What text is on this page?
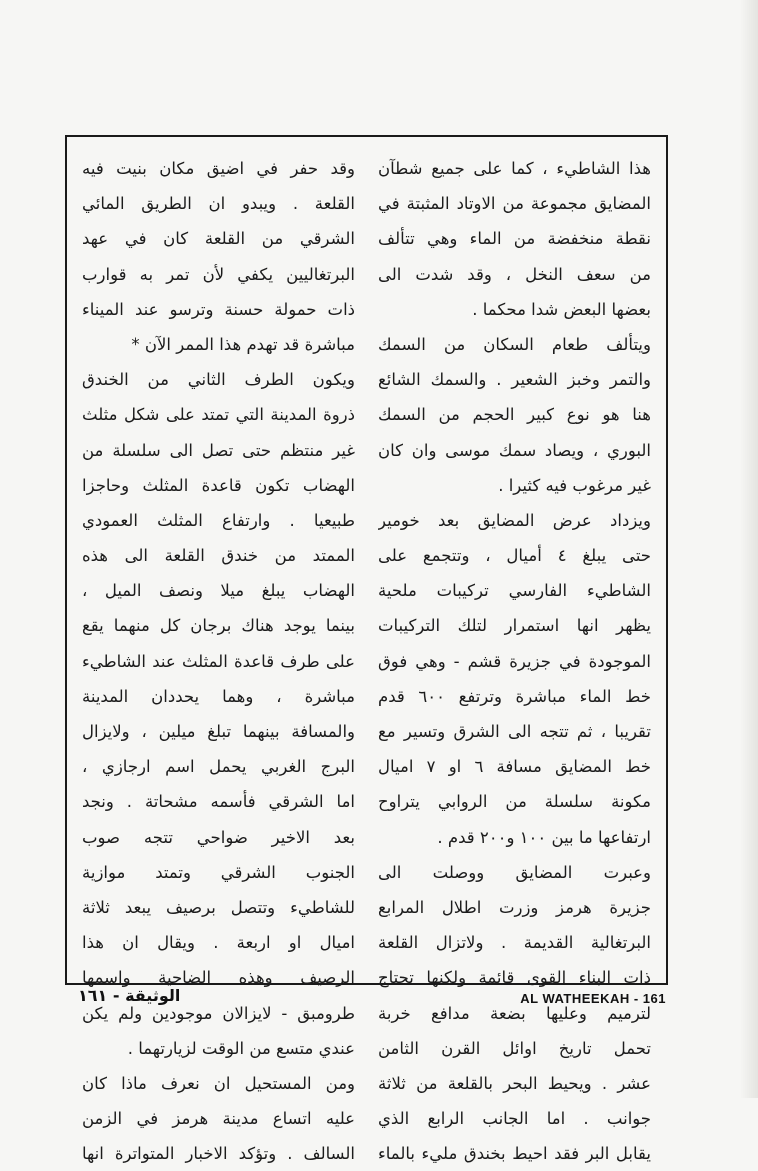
هذا الشاطيء ، كما على جميع شطآن
المضايق مجموعة من الاوتاد المثبتة في
نقطة منخفضة من الماء وهي تتألف
من سعف النخل ، وقد شدت الى
بعضها البعض شدا محكما .
ويتألف طعام السكان من السمك
والتمر وخبز الشعير . والسمك الشائع
هنا هو نوع كبير الحجم من السمك
البوري ، ويصاد سمك موسى وان كان
غير مرغوب فيه كثيرا .
ويزداد عرض المضايق بعد خومير
حتى يبلغ ٤ أميال ، وتتجمع على
الشاطيء الفارسي تركيبات ملحية
يظهر انها استمرار لتلك التركيبات
الموجودة في جزيرة قشم - وهي فوق
خط الماء مباشرة وترتفع ٦٠٠ قدم
تقريبا ، ثم تتجه الى الشرق وتسير مع
خط المضايق مسافة ٦ او ٧ اميال
مكونة سلسلة من الروابي يتراوح
ارتفاعها ما بين ١٠٠ و٢٠٠ قدم .
وعبرت المضايق ووصلت الى
جزيرة هرمز وزرت اطلال المرابع
البرتغالية القديمة . ولاتزال القلعة
ذات البناء القوى قائمة ولكنها تحتاج
لترميم وعليها بضعة مدافع خربة
تحمل تاريخ اوائل القرن الثامن
عشر . ويحيط البحر بالقلعة من ثلاثة
جوانب . اما الجانب الرابع الذي
يقابل البر فقد احيط بخندق مليء بالماء
وقد حفر في اضيق مكان بنيت فيه
القلعة . ويبدو ان الطريق المائي
الشرقي من القلعة كان في عهد
البرتغاليين يكفي لأن تمر به قوارب
ذات حمولة حسنة وترسو عند الميناء
مباشرة قد تهدم هذا الممر الآن *
ويكون الطرف الثاني من الخندق
ذروة المدينة التي تمتد على شكل مثلث
غير منتظم حتى تصل الى سلسلة من
الهضاب تكون قاعدة المثلث وحاجزا
طبيعيا . وارتفاع المثلث العمودي
الممتد من خندق القلعة الى هذه
الهضاب يبلغ ميلا ونصف الميل ،
بينما يوجد هناك برجان كل منهما يقع
على طرف قاعدة المثلث عند الشاطيء
مباشرة ، وهما يحددان المدينة
والمسافة بينهما تبلغ ميلين ، ولايزال
البرج الغربي يحمل اسم ارجازي ،
اما الشرقي فأسمه مشحاتة . ونجد
بعد الاخير ضواحي تتجه صوب
الجنوب الشرقي وتمتد موازية
للشاطيء وتتصل برصيف يبعد ثلاثة
اميال او اربعة . ويقال ان هذا
الرصيف وهذه الضاحية واسمها
طرومبق - لايزالان موجودين ولم يكن
عندي متسع من الوقت لزيارتهما .
ومن المستحيل ان نعرف ماذا كان
عليه اتساع مدينة هرمز في الزمن
السالف . وتؤكد الاخبار المتواترة انها
الوثيقة - ١٦١	AL WATHEEKAH - 161
